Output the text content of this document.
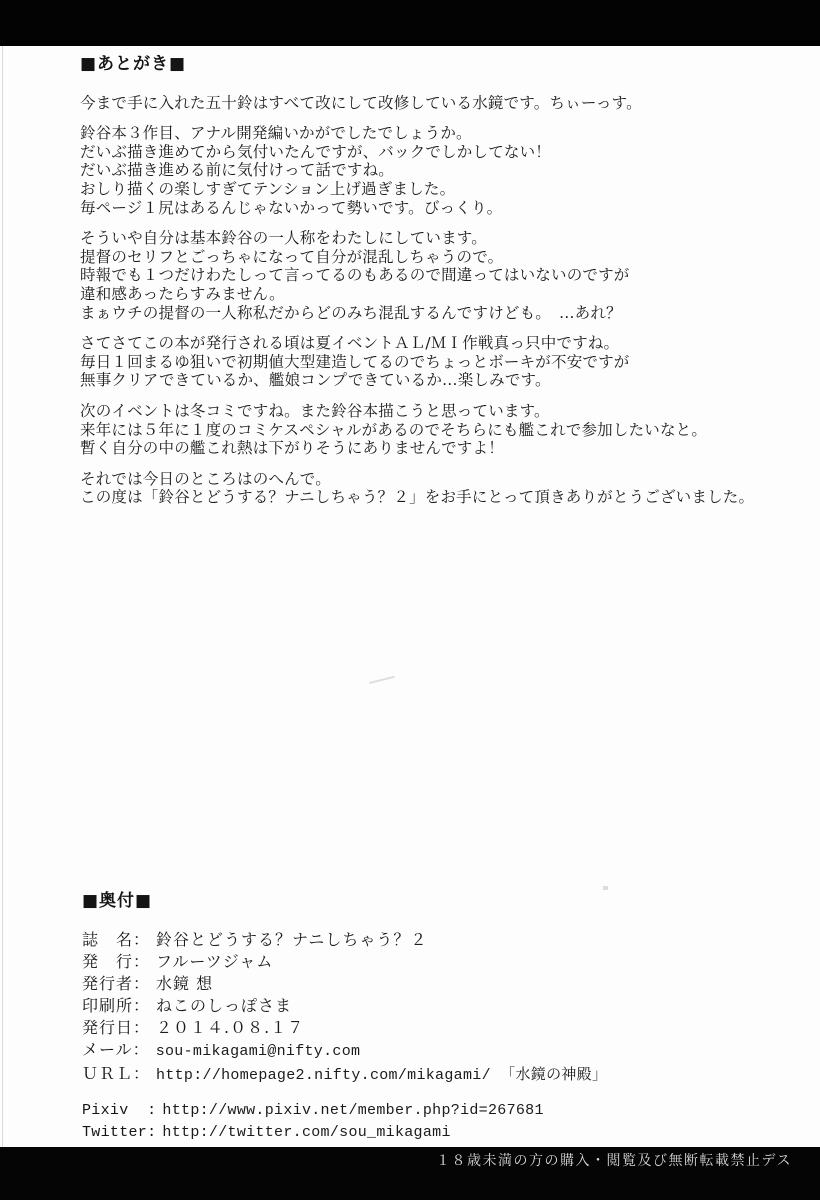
■あとがき■
今まで手に入れた五十鈴はすべて改にして改修している水鏡です。ちぃーっす。
鈴谷本３作目、アナル開発編いかがでしたでしょうか。
だいぶ描き進めてから気付いたんですが、バックでしかしてない！
だいぶ描き進める前に気付けって話ですね。
おしり描くの楽しすぎてテンション上げ過ぎました。
毎ページ１尻はあるんじゃないかって勢いです。びっくり。
そういや自分は基本鈴谷の一人称をわたしにしています。
提督のセリフとごっちゃになって自分が混乱しちゃうので。
時報でも１つだけわたしって言ってるのもあるので間違ってはいないのですが
違和感あったらすみません。
まぁウチの提督の一人称私だからどのみち混乱するんですけども。　…あれ？
さてさてこの本が発行される頃は夏イベントＡＬ/ＭＩ作戦真っ只中ですね。
毎日１回まるゆ狙いで初期値大型建造してるのでちょっとボーキが不安ですが
無事クリアできているか、艦娘コンプできているか…楽しみです。
次のイベントは冬コミですね。また鈴谷本描こうと思っています。
来年には５年に１度のコミケスペシャルがあるのでそちらにも艦これで参加したいなと。
暫く自分の中の艦これ熱は下がりそうにありませんですよ！
それでは今日のところはのへんで。
この度は「鈴谷とどうする？ナニしちゃう？２」をお手にとって頂きありがとうございました。
■奥付■
誌　名： 鈴谷とどうする？ナニしちゃう？２
発　行： フルーツジャム
発行者： 水鏡 想
印刷所： ねこのしっぽさま
発行日： ２０１４.０８.１７
メール： sou-mikagami@nifty.com
ＵＲＬ： http://homepage2.nifty.com/mikagami/ 「水鏡の神殿」
Pixiv  : http://www.pixiv.net/member.php?id=267681
Twitter: http://twitter.com/sou_mikagami
１８歳未満の方の購入・閲覧及び無断転載禁止デス
